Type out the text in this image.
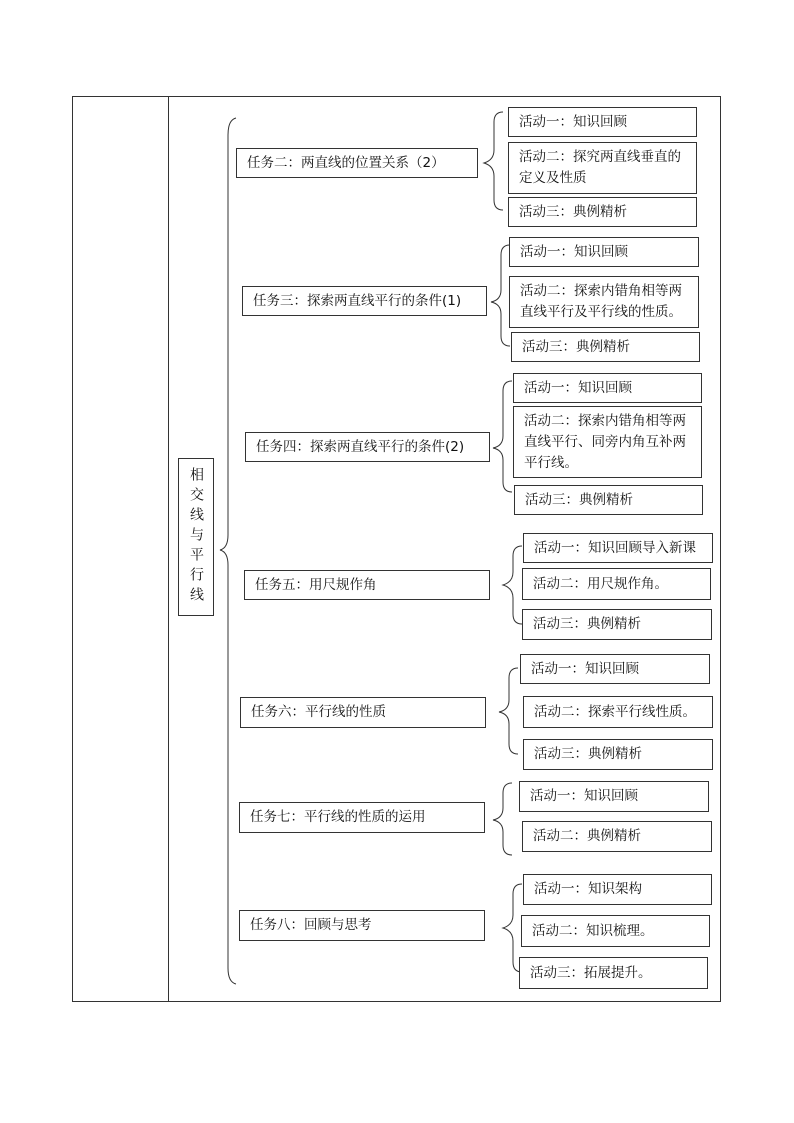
相交线与平行线
任务二：两直线的位置关系（2）
活动一：知识回顾
活动二：探究两直线垂直的定义及性质
活动三：典例精析
任务三：探索两直线平行的条件(1)
活动一：知识回顾
活动二：探索内错角相等两直线平行及平行线的性质。
活动三：典例精析
任务四：探索两直线平行的条件(2)
活动一：知识回顾
活动二：探索内错角相等两直线平行、同旁内角互补两平行线。
活动三：典例精析
任务五：用尺规作角
活动一：知识回顾导入新课
活动二：用尺规作角。
活动三：典例精析
任务六：平行线的性质
活动一：知识回顾
活动二：探索平行线性质。
活动三：典例精析
任务七：平行线的性质的运用
活动一：知识回顾
活动二：典例精析
任务八：回顾与思考
活动一：知识架构
活动二：知识梳理。
活动三：拓展提升。
